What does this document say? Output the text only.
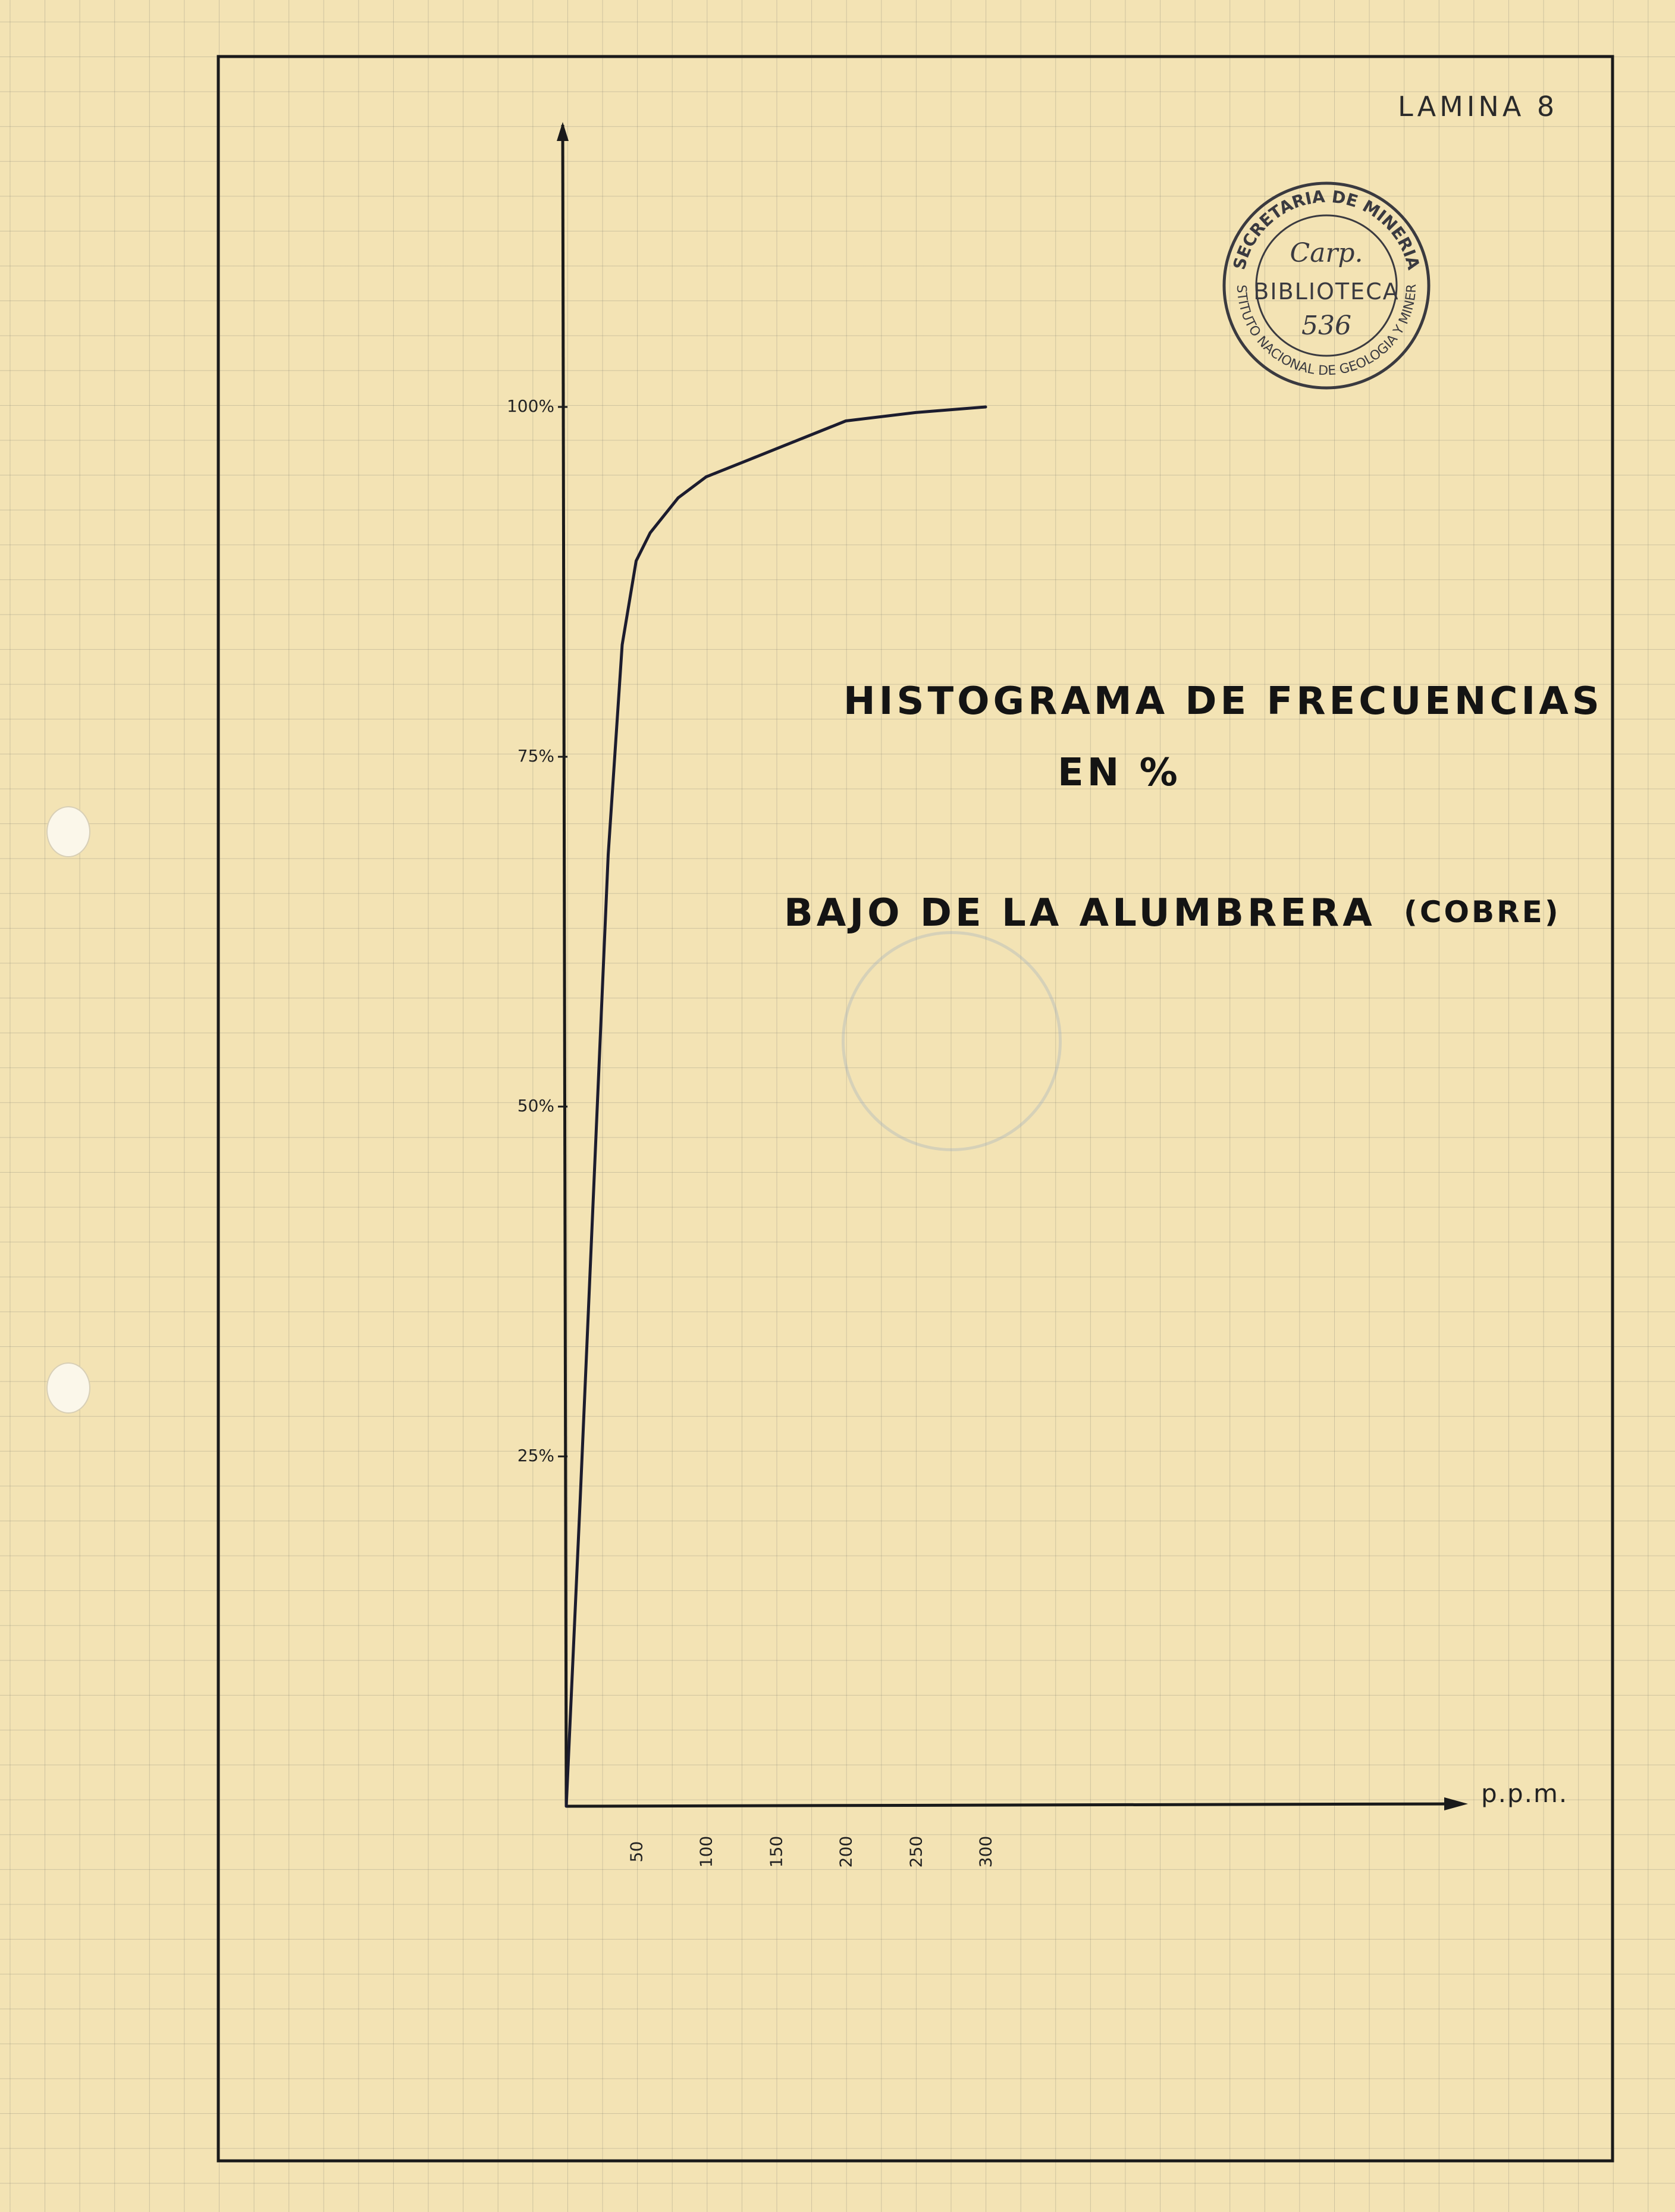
LAMINA 8
SECRETARIA DE MINERIA
STITUTO NACIONAL DE GEOLOGIA Y MINER
Carp.
BIBLIOTECA
536
HISTOGRAMA DE FRECUENCIAS
EN %
BAJO DE LA ALUMBRERA (COBRE)
p.p.m.
25%
50%
75%
100%
50	100	150	200	250	300
